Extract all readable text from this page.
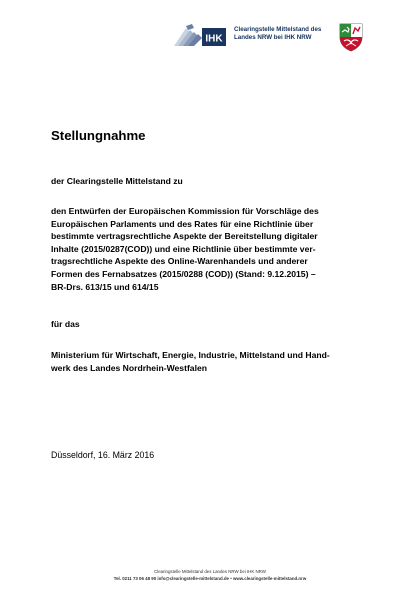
IHK
Clearingstelle Mittelstand des
Landes NRW bei IHK NRW
Stellungnahme
der Clearingstelle Mittelstand zu
den Entwürfen der Europäischen Kommission für Vorschläge des
Europäischen Parlaments und des Rates für eine Richtlinie über
bestimmte vertragsrechtliche Aspekte der Bereitstellung digitaler
Inhalte (2015/0287(COD)) und eine Richtlinie über bestimmte ver-
tragsrechtliche Aspekte des Online-Warenhandels und anderer
Formen des Fernabsatzes (2015/0288 (COD)) (Stand: 9.12.2015) –
BR-Drs. 613/15 und 614/15
für das
Ministerium für Wirtschaft, Energie, Industrie, Mittelstand und Hand-
werk des Landes Nordrhein-Westfalen
Düsseldorf, 16. März 2016
Clearingstelle Mittelstand des Landes NRW bei IHK NRW
Tel. 0211 73 06 48 90 info@clearingstelle-mittelstand.de • www.clearingstelle-mittelstand.nrw
